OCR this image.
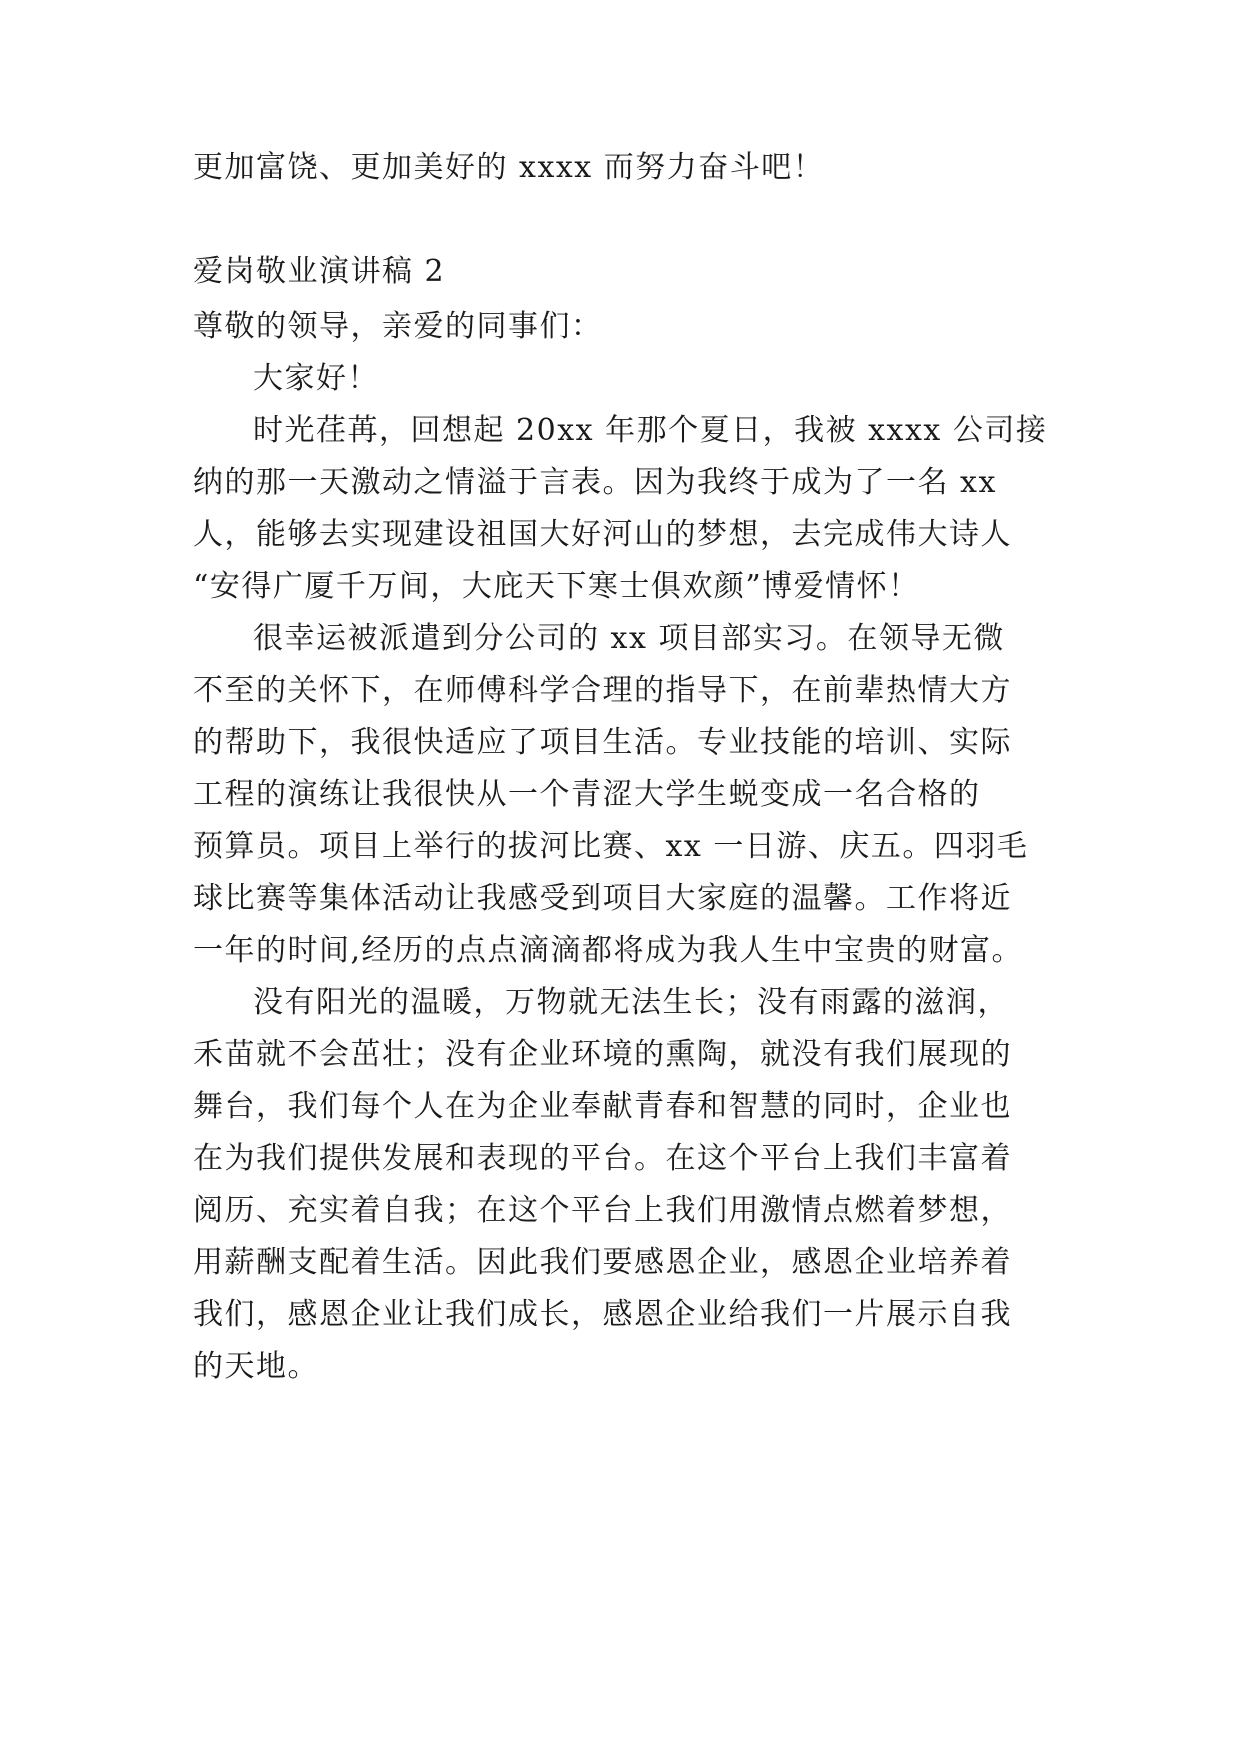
更加富饶、更加美好的 xxxx 而努力奋斗吧！
爱岗敬业演讲稿 2
尊敬的领导，亲爱的同事们：
大家好！
时光荏苒，回想起 20xx 年那个夏日，我被 xxxx 公司接
纳的那一天激动之情溢于言表。因为我终于成为了一名 xx
人，能够去实现建设祖国大好河山的梦想，去完成伟大诗人
“安得广厦千万间，大庇天下寒士俱欢颜”博爱情怀！
很幸运被派遣到分公司的 xx 项目部实习。在领导无微
不至的关怀下，在师傅科学合理的指导下，在前辈热情大方
的帮助下，我很快适应了项目生活。专业技能的培训、实际
工程的演练让我很快从一个青涩大学生蜕变成一名合格的
预算员。项目上举行的拔河比赛、xx 一日游、庆五。四羽毛
球比赛等集体活动让我感受到项目大家庭的温馨。工作将近
一年的时间,经历的点点滴滴都将成为我人生中宝贵的财富。
没有阳光的温暖，万物就无法生长；没有雨露的滋润，
禾苗就不会茁壮；没有企业环境的熏陶，就没有我们展现的
舞台，我们每个人在为企业奉献青春和智慧的同时，企业也
在为我们提供发展和表现的平台。在这个平台上我们丰富着
阅历、充实着自我；在这个平台上我们用激情点燃着梦想，
用薪酬支配着生活。因此我们要感恩企业，感恩企业培养着
我们，感恩企业让我们成长，感恩企业给我们一片展示自我
的天地。
